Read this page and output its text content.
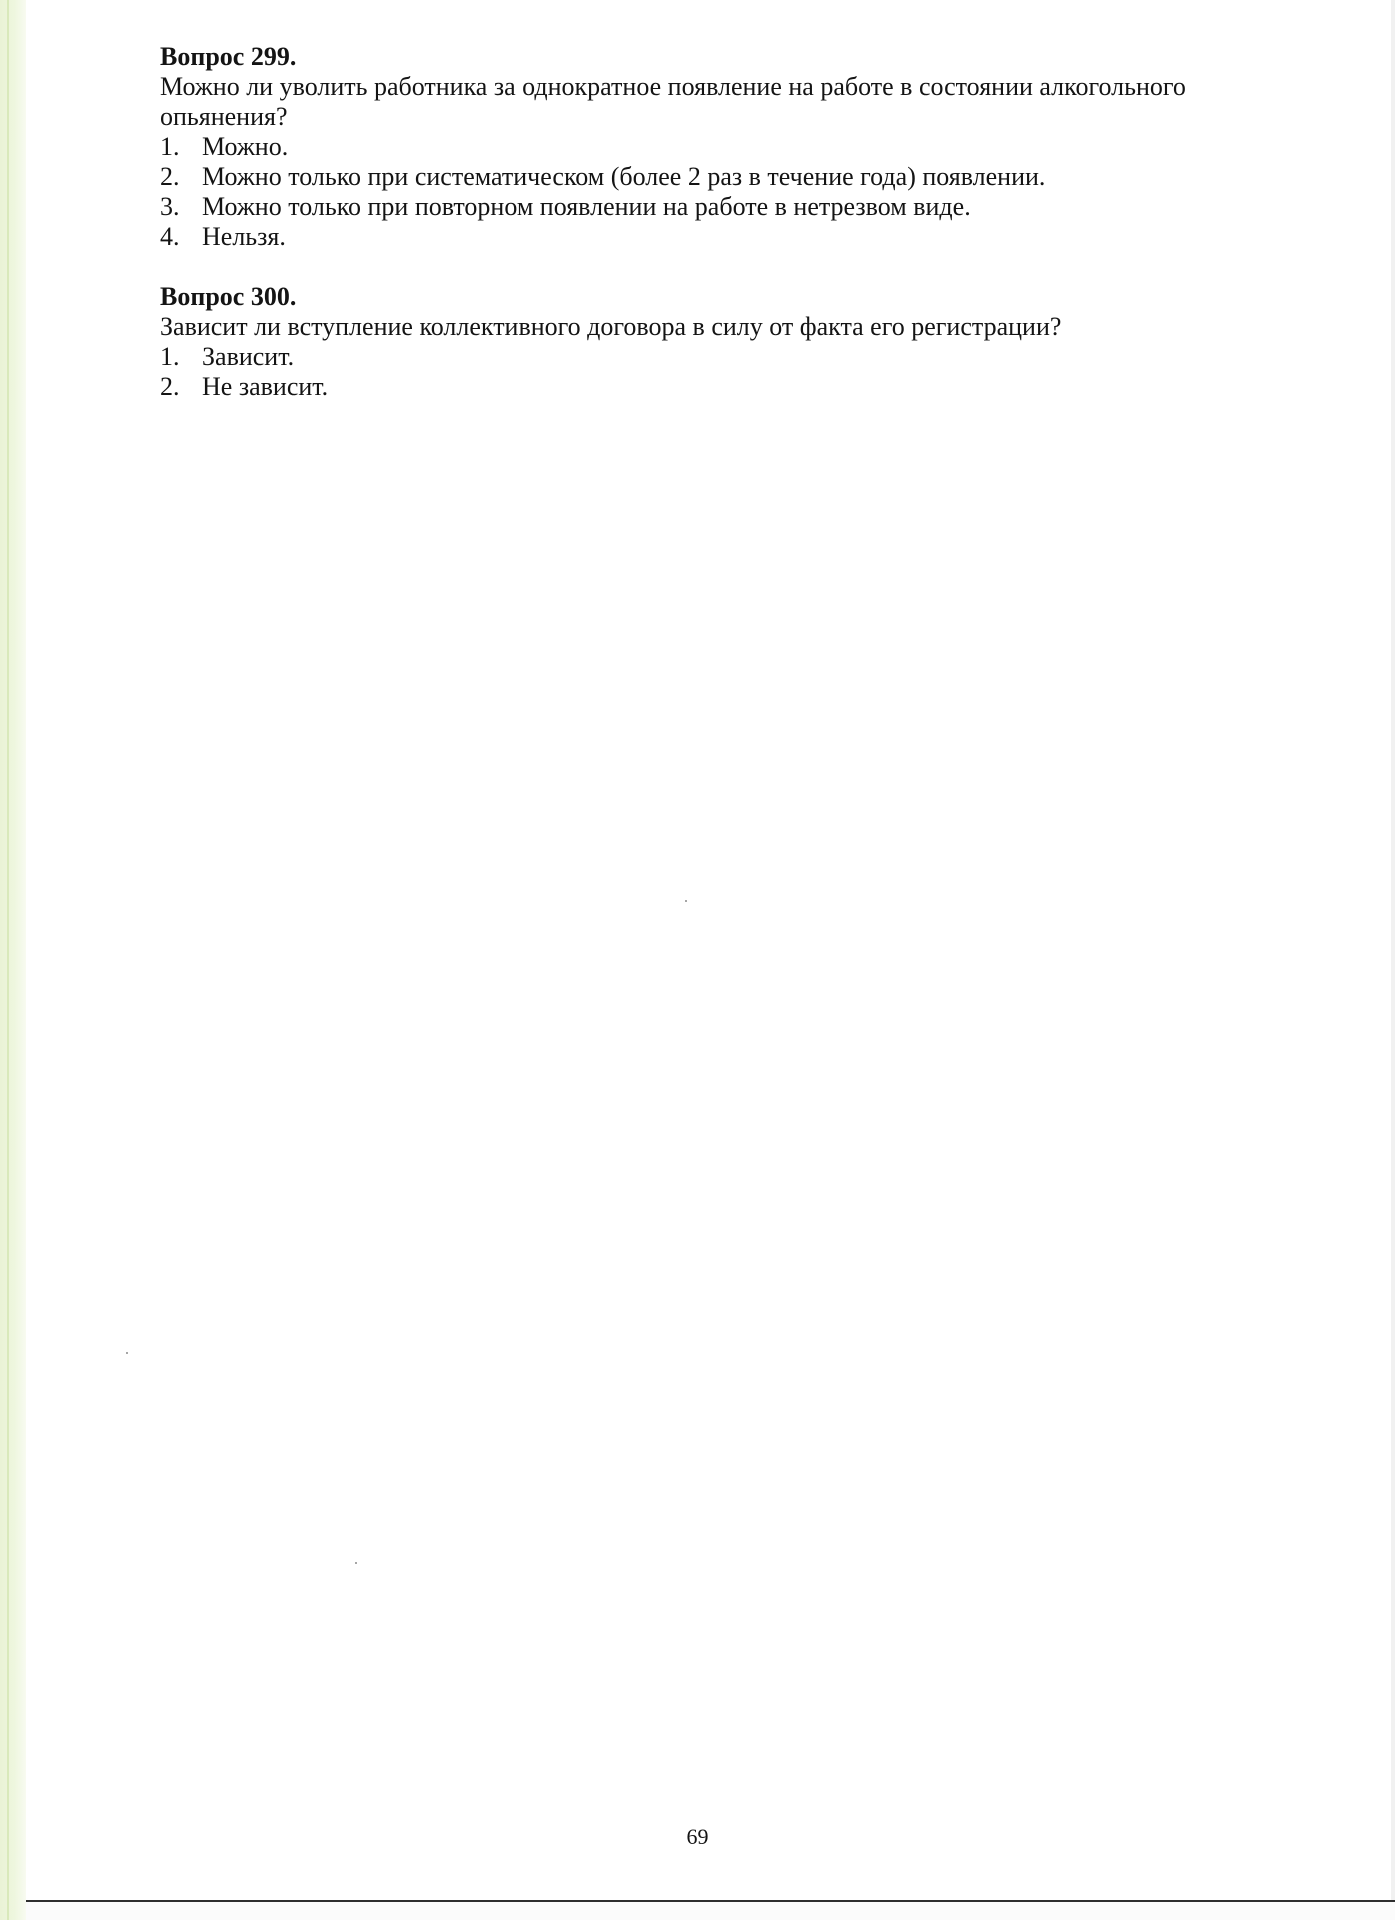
Вопрос 299.

Можно ли уволить работника за однократное появление на работе в состоянии алкогольного опьянения?

1. Можно.
2. Можно только при систематическом (более 2 раз в течение года) появлении.
3. Можно только при повторном появлении на работе в нетрезвом виде.
4. Нельзя.

Вопрос 300.

Зависит ли вступление коллективного договора в силу от факта его регистрации?

1. Зависит.
2. Не зависит.
69
